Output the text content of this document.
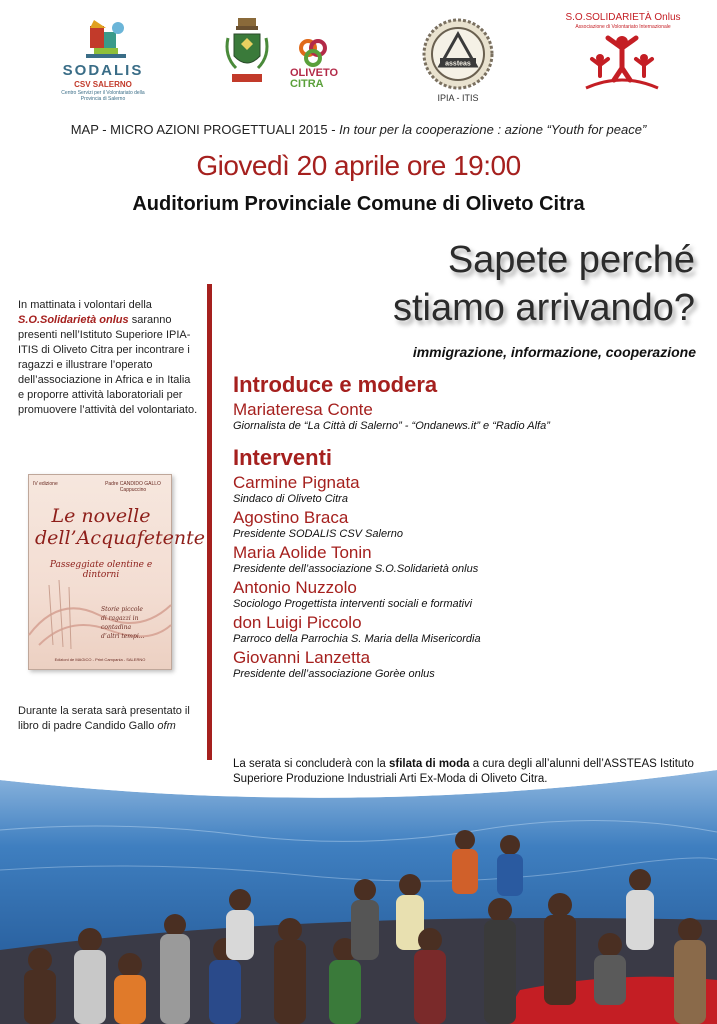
SODALIS
CSV SALERNO
Centro Servizi per il Volontariato della Provincia di Salerno
OLIVETO
CITRA
assteas
IPIA - ITIS
S.O.SOLIDARIETÀ Onlus
Associazione di Volontariato Internazionale
MAP - MICRO AZIONI PROGETTUALI 2015 - In tour per la cooperazione : azione “Youth for peace”
Giovedì 20 aprile ore 19:00
Auditorium Provinciale Comune di Oliveto Citra
Sapete perché
stiamo arrivando?
immigrazione, informazione, cooperazione
In mattinata i volontari della S.O.Solidarietà onlus saranno presenti nell’Istituto Superiore IPIA-ITIS di Oliveto Citra per incontrare i ragazzi e illustrare l’operato dell’associazione in Africa e in Italia e proporre attività laboratoriali per promuovere l’attività del volontariato.
IV edizione	Padre CANDIDO GALLO Cappuccino
Le novelle
dell’Acquafetente
Passeggiate olentine e dintorni
Storie piccole
di ragazzi in contadina
d’altri tempi...
Edizioni de MAGICO - Print Campania - SALERNO
Durante la serata sarà presentato il libro di padre Candido Gallo ofm
Introduce e modera
Mariateresa Conte
Giornalista de “La Città di Salerno” - “Ondanews.it” e “Radio Alfa”
Interventi
Carmine Pignata
Sindaco di Oliveto Citra
Agostino Braca
Presidente SODALIS CSV Salerno
Maria Aolide Tonin
Presidente dell’associazione S.O.Solidarietà onlus
Antonio Nuzzolo
Sociologo Progettista interventi sociali e formativi
don Luigi Piccolo
Parroco della Parrochia S. Maria della Misericordia
Giovanni Lanzetta
Presidente dell’associazione Gorèe onlus
La serata si concluderà con la sfilata di moda a cura degli all’alunni dell’ASSTEAS Istituto Superiore Produzione Industriali Arti Ex-Moda di Oliveto Citra.
